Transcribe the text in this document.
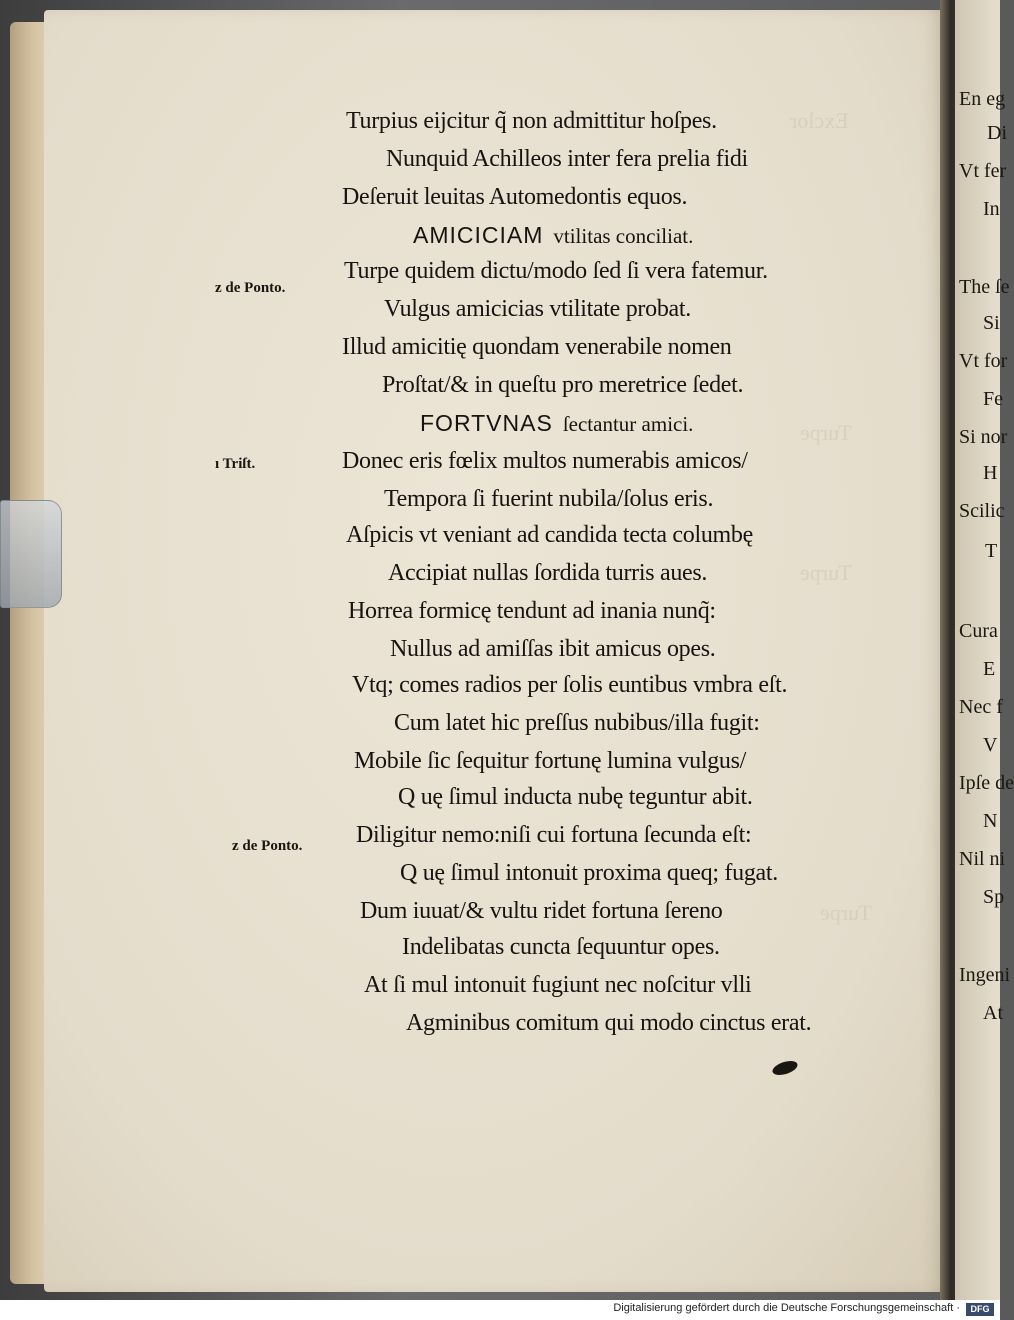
En eg
Di
Vt fer
In
The ſe
Si
Vt for
Fe
Si nor
H
Scilic
T
Cura
E
Nec f
V
Ipſe de
N
Nil ni
Sp
Ingeni
At
Exclor
Turpe
Turpe
Turpe
Turpius eijcitur q̃ non admittitur hoſpes.
Nunquid Achilleos inter fera prelia fidi
Deſeruit leuitas Automedontis equos.
AMICICIAM vtilitas conciliat.
z de Ponto.
Turpe quidem dictu/modo ſed ſi vera fatemur.
Vulgus amicicias vtilitate probat.
Illud amicitię quondam venerabile nomen
Proſtat/& in queſtu pro meretrice ſedet.
FORTVNAS ſectantur amici.
ı Triſt.	Donec eris fœlix multos numerabis amicos/
Tempora ſi fuerint nubila/ſolus eris.
Aſpicis vt veniant ad candida tecta columbę
Accipiat nullas ſordida turris aues.
Horrea formicę tendunt ad inania nunq̃:
Nullus ad amiſſas ibit amicus opes.
Vtq; comes radios per ſolis euntibus vmbra eſt.
Cum latet hic preſſus nubibus/illa fugit:
Mobile ſic ſequitur fortunę lumina vulgus/
Q uę ſimul inducta nubę teguntur abit.
z de Ponto. Diligitur nemo:niſi cui fortuna ſecunda eſt:
Q uę ſimul intonuit proxima queq; fugat.
Dum iuuat/& vultu ridet fortuna ſereno
Indelibatas cuncta ſequuntur opes.
At ſi mul intonuit fugiunt nec noſcitur vlli
Agminibus comitum qui modo cinctus erat.
Digitalisierung gefördert durch die Deutsche Forschungsgemeinschaft ·	DFG
